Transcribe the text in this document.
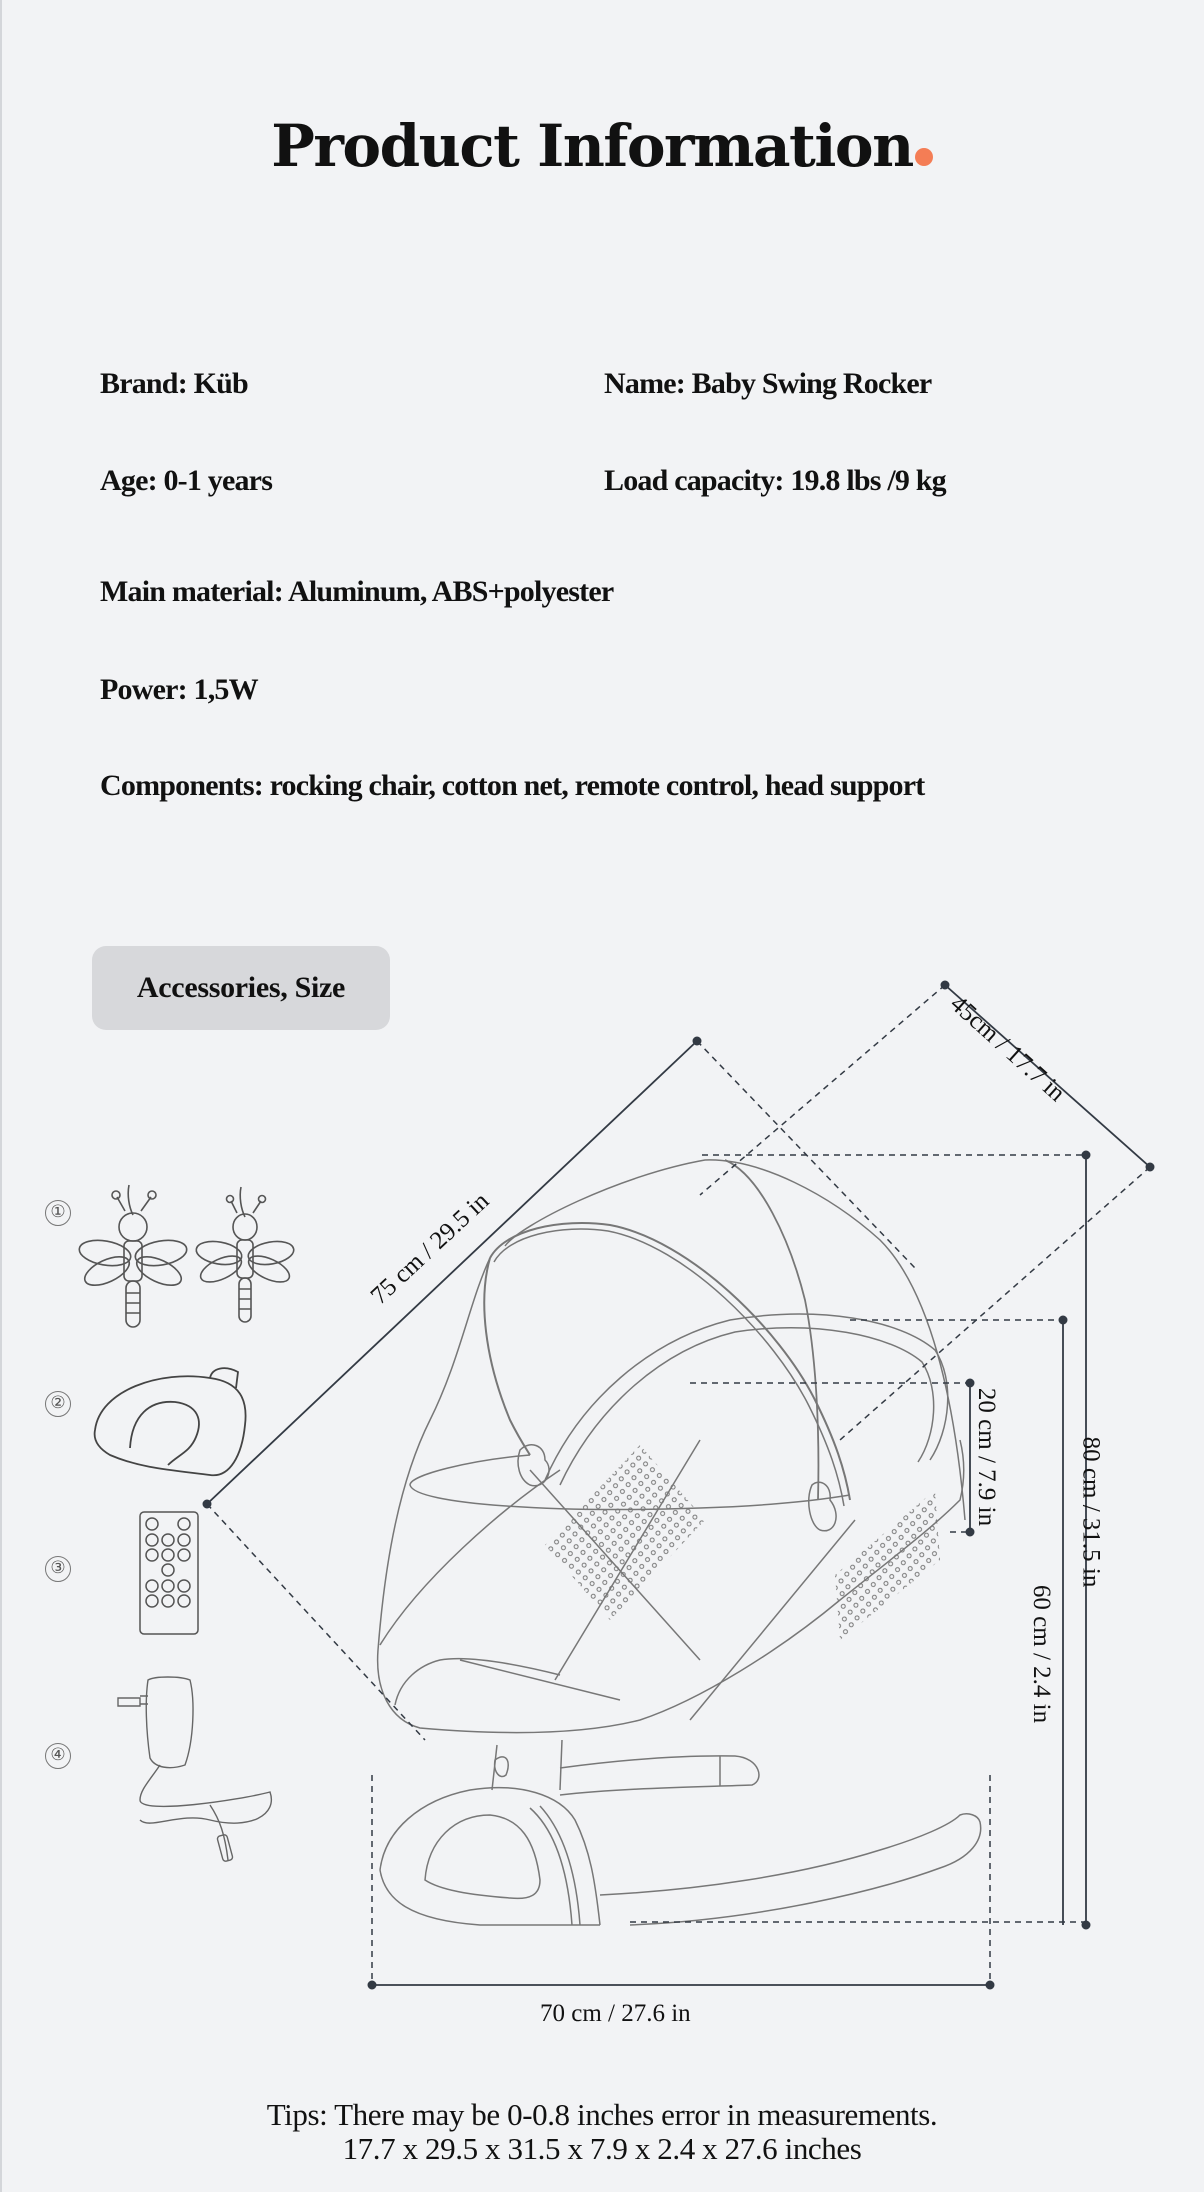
Product Information
Brand: Küb	Name: Baby Swing Rocker
Age: 0-1 years	Load capacity: 19.8 lbs /9 kg
Main material: Aluminum, ABS+polyester
Power: 1,5W
Components: rocking chair, cotton net, remote control, head support
Accessories, Size
①
②
③
④
45cm / 17.7 in
75 cm / 29.5 in
80 cm / 31.5 in
60 cm / 2.4 in
20 cm / 7.9 in
70 cm / 27.6 in
Tips: There may be 0-0.8 inches error in measurements.
17.7 x 29.5 x 31.5 x 7.9 x 2.4 x 27.6 inches
